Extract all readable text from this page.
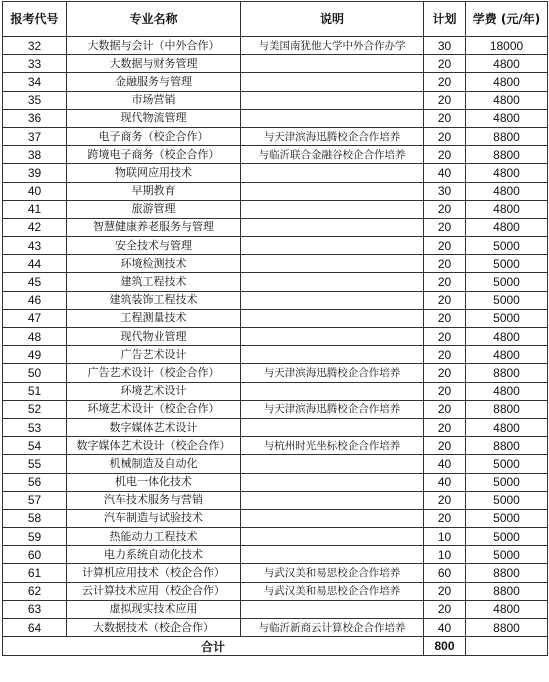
报考代号	专业名称	说明	计划	学费 (元/年)
32	大数据与会计（中外合作）	与美国南犹他大学中外合作办学	30	18000
33	大数据与财务管理		20	4800
34	金融服务与管理		20	4800
35	市场营销		20	4800
36	现代物流管理		20	4800
37	电子商务（校企合作）	与天津滨海迅腾校企合作培养	20	8800
38	跨境电子商务（校企合作）	与临沂联合金融谷校企合作培养	20	8800
39	物联网应用技术		40	4800
40	早期教育		30	4800
41	旅游管理		20	4800
42	智慧健康养老服务与管理		20	4800
43	安全技术与管理		20	5000
44	环境检测技术		20	5000
45	建筑工程技术		20	5000
46	建筑装饰工程技术		20	5000
47	工程测量技术		20	5000
48	现代物业管理		20	4800
49	广告艺术设计		20	4800
50	广告艺术设计（校企合作）	与天津滨海迅腾校企合作培养	20	8800
51	环境艺术设计		20	4800
52	环境艺术设计（校企合作）	与天津滨海迅腾校企合作培养	20	8800
53	数字媒体艺术设计		20	4800
54	数字媒体艺术设计（校企合作）	与杭州时光坐标校企合作培养	20	8800
55	机械制造及自动化		40	5000
56	机电一体化技术		40	5000
57	汽车技术服务与营销		20	5000
58	汽车制造与试验技术		20	5000
59	热能动力工程技术		10	5000
60	电力系统自动化技术		10	5000
61	计算机应用技术（校企合作）	与武汉美和易思校企合作培养	60	8800
62	云计算技术应用（校企合作）	与武汉美和易思校企合作培养	20	8800
63	虚拟现实技术应用		20	4800
64	大数据技术（校企合作）	与临沂新商云计算校企合作培养	40	8800
合计			800	
